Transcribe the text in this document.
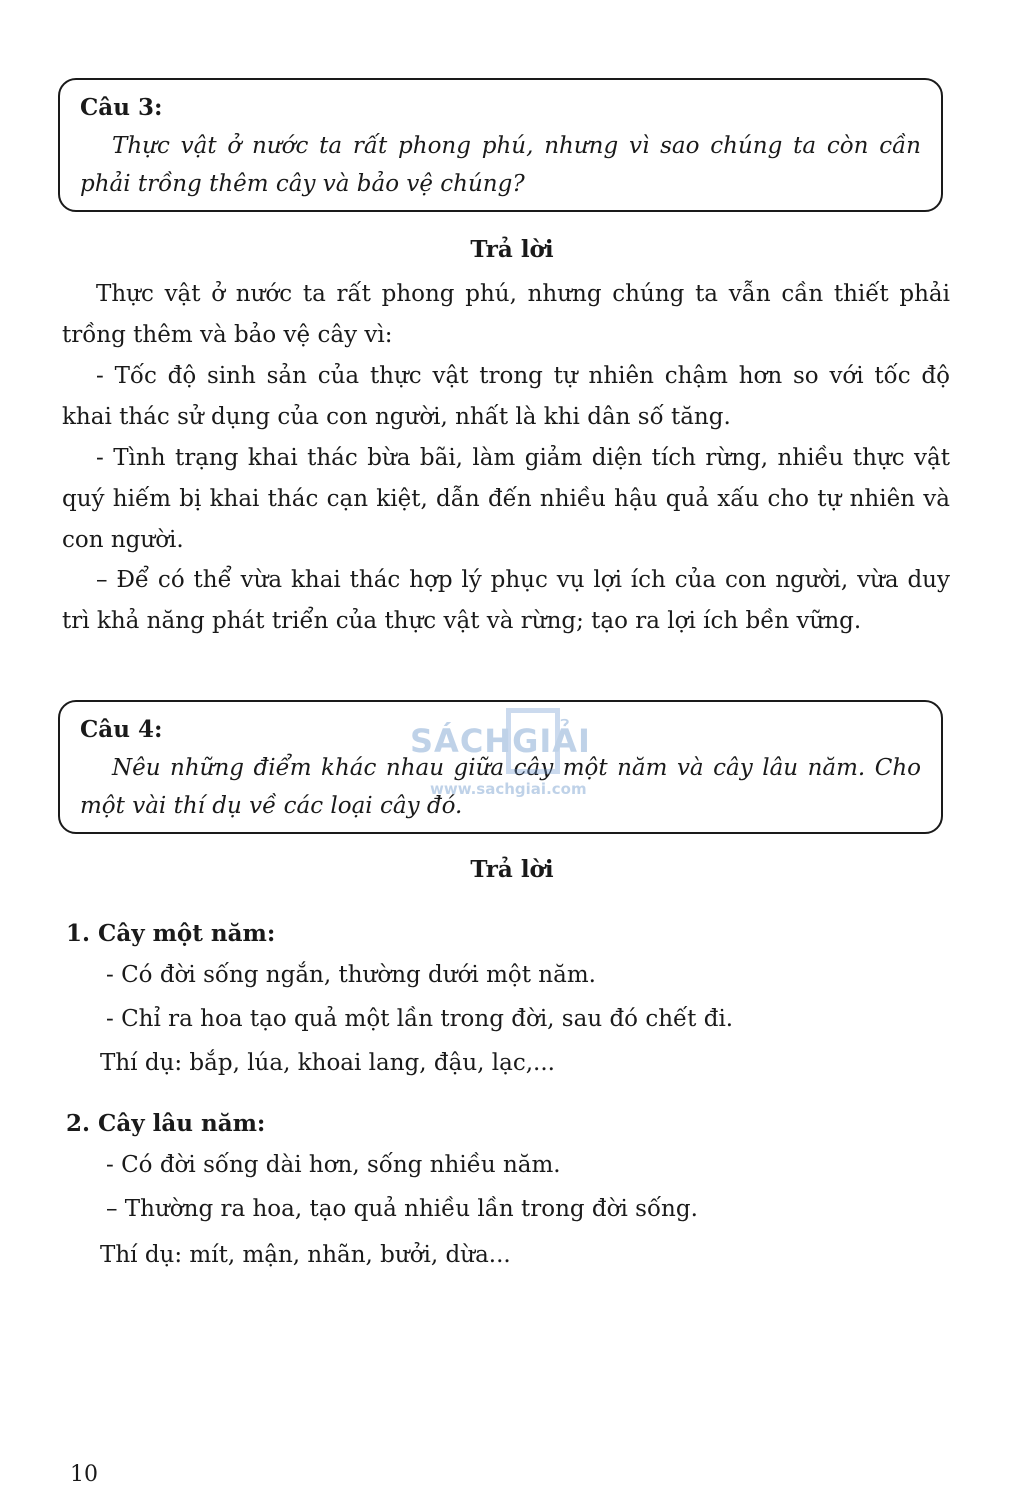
Câu 3:
Thực vật ở nước ta rất phong phú, nhưng vì sao chúng ta còn cần phải trồng thêm cây và bảo vệ chúng?
Trả lời
Thực vật ở nước ta rất phong phú, nhưng chúng ta vẫn cần thiết phải trồng thêm và bảo vệ cây vì:
- Tốc độ sinh sản của thực vật trong tự nhiên chậm hơn so với tốc độ khai thác sử dụng của con người, nhất là khi dân số tăng.
- Tình trạng khai thác bừa bãi, làm giảm diện tích rừng, nhiều thực vật quý hiếm bị khai thác cạn kiệt, dẫn đến nhiều hậu quả xấu cho tự nhiên và con người.
– Để có thể vừa khai thác hợp lý phục vụ lợi ích của con người, vừa duy trì khả năng phát triển của thực vật và rừng; tạo ra lợi ích bền vững.
Câu 4:
Nêu những điểm khác nhau giữa cây một năm và cây lâu năm. Cho một vài thí dụ về các loại cây đó.
SÁCHGIẢI
www.sachgiai.com
Trả lời
1. Cây một năm:
- Có đời sống ngắn, thường dưới một năm.
- Chỉ ra hoa tạo quả một lần trong đời, sau đó chết đi.
Thí dụ: bắp, lúa, khoai lang, đậu, lạc,...
2. Cây lâu năm:
- Có đời sống dài hơn, sống nhiều năm.
– Thường ra hoa, tạo quả nhiều lần trong đời sống.
Thí dụ: mít, mận, nhãn, bưởi, dừa...
10
